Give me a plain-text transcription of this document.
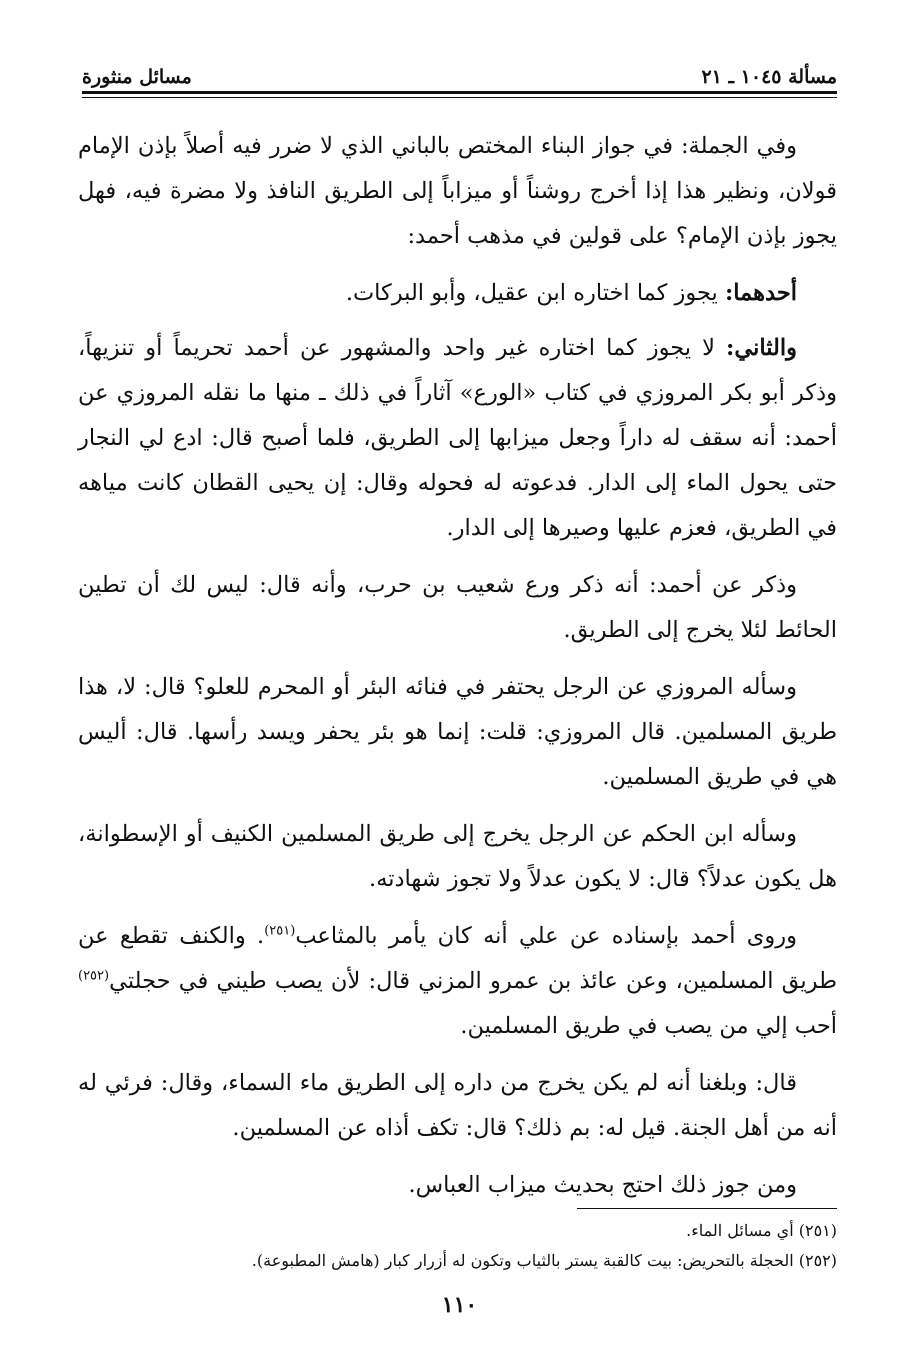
مسألة ١٠٤٥ ـ ٢١
مسائل منثورة

وفي الجملة: في جواز البناء المختص بالباني الذي لا ضرر فيه أصلاً بإذن الإمام قولان، ونظير هذا إذا أخرج روشناً أو ميزاباً إلى الطريق النافذ ولا مضرة فيه، فهل يجوز بإذن الإمام؟ على قولين في مذهب أحمد:

أحدهما: يجوز كما اختاره ابن عقيل، وأبو البركات.

والثاني: لا يجوز كما اختاره غير واحد والمشهور عن أحمد تحريماً أو تنزيهاً، وذكر أبو بكر المروزي في كتاب «الورع» آثاراً في ذلك ـ منها ما نقله المروزي عن أحمد: أنه سقف له داراً وجعل ميزابها إلى الطريق، فلما أصبح قال: ادع لي النجار حتى يحول الماء إلى الدار. فدعوته له فحوله وقال: إن يحيى القطان كانت مياهه في الطريق، فعزم عليها وصيرها إلى الدار.

وذكر عن أحمد: أنه ذكر ورع شعيب بن حرب، وأنه قال: ليس لك أن تطين الحائط لئلا يخرج إلى الطريق.

وسأله المروزي عن الرجل يحتفر في فنائه البئر أو المحرم للعلو؟ قال: لا، هذا طريق المسلمين. قال المروزي: قلت: إنما هو بئر يحفر ويسد رأسها. قال: أليس هي في طريق المسلمين.

وسأله ابن الحكم عن الرجل يخرج إلى طريق المسلمين الكنيف أو الإسطوانة، هل يكون عدلاً؟ قال: لا يكون عدلاً ولا تجوز شهادته.

وروى أحمد بإسناده عن علي أنه كان يأمر بالمثاعب$^{(٢٥١)}$. والكنف تقطع عن طريق المسلمين، وعن عائذ بن عمرو المزني قال: لأن يصب طيني في حجلتي$^{(٢٥٢)}$ أحب إلي من يصب في طريق المسلمين.

قال: وبلغنا أنه لم يكن يخرج من داره إلى الطريق ماء السماء، وقال: فرئي له أنه من أهل الجنة. قيل له: بم ذلك؟ قال: تكف أذاه عن المسلمين.

ومن جوز ذلك احتج بحديث ميزاب العباس.

(٢٥١) أي مسائل الماء.
(٢٥٢) الحجلة بالتحريض: بيت كالقبة يستر بالثياب وتكون له أزرار كبار (هامش المطبوعة).
١١٠
